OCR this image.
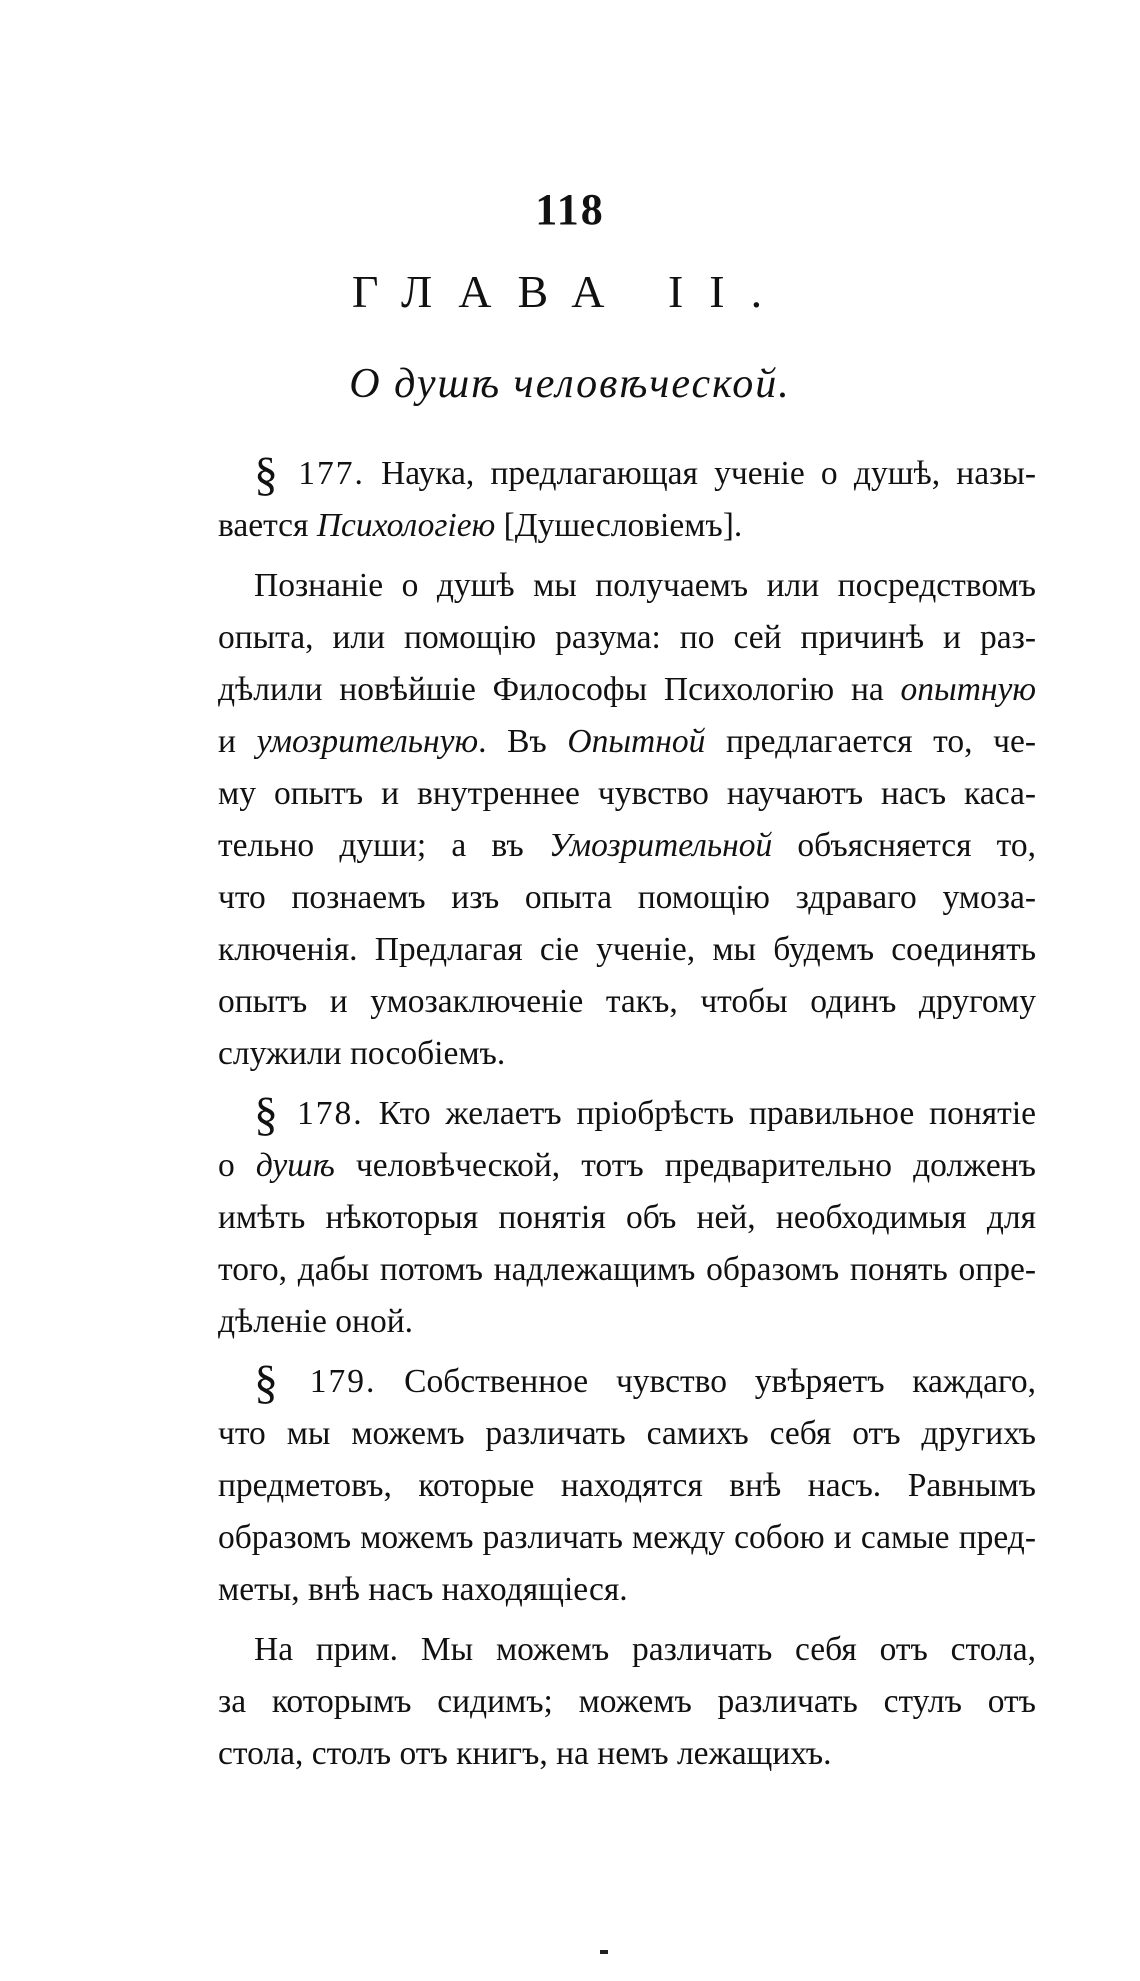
118
ГЛАВА II.
О душѣ человѣческой.
§ 177. Наука, предлагающая ученіе о душѣ, назы-
вается Психологіею [Душесловіемъ].
Познаніе о душѣ мы получаемъ или посредствомъ
опыта, или помощію разума: по сей причинѣ и раз-
дѣлили новѣйшіе Философы Психологію на опытную
и умозрительную. Въ Опытной предлагается то, че-
му опытъ и внутреннее чувство научаютъ насъ каса-
тельно души; а въ Умозрительной объясняется то,
что познаемъ изъ опыта помощію здраваго умоза-
ключенія. Предлагая сіе ученіе, мы будемъ соединять
опытъ и умозаключеніе такъ, чтобы одинъ другому
служили пособіемъ.
§ 178. Кто желаетъ пріобрѣсть правильное понятіе
о душѣ человѣческой, тотъ предварительно долженъ
имѣть нѣкоторыя понятія объ ней, необходимыя для
того, дабы потомъ надлежащимъ образомъ понять опре-
дѣленіе оной.
§ 179. Собственное чувство увѣряетъ каждаго,
что мы можемъ различать самихъ себя отъ другихъ
предметовъ, которые находятся внѣ насъ. Равнымъ
образомъ можемъ различать между собою и самые пред-
меты, внѣ насъ находящіеся.
На прим. Мы можемъ различать себя отъ стола,
за которымъ сидимъ; можемъ различать стулъ отъ
стола, столъ отъ книгъ, на немъ лежащихъ.
